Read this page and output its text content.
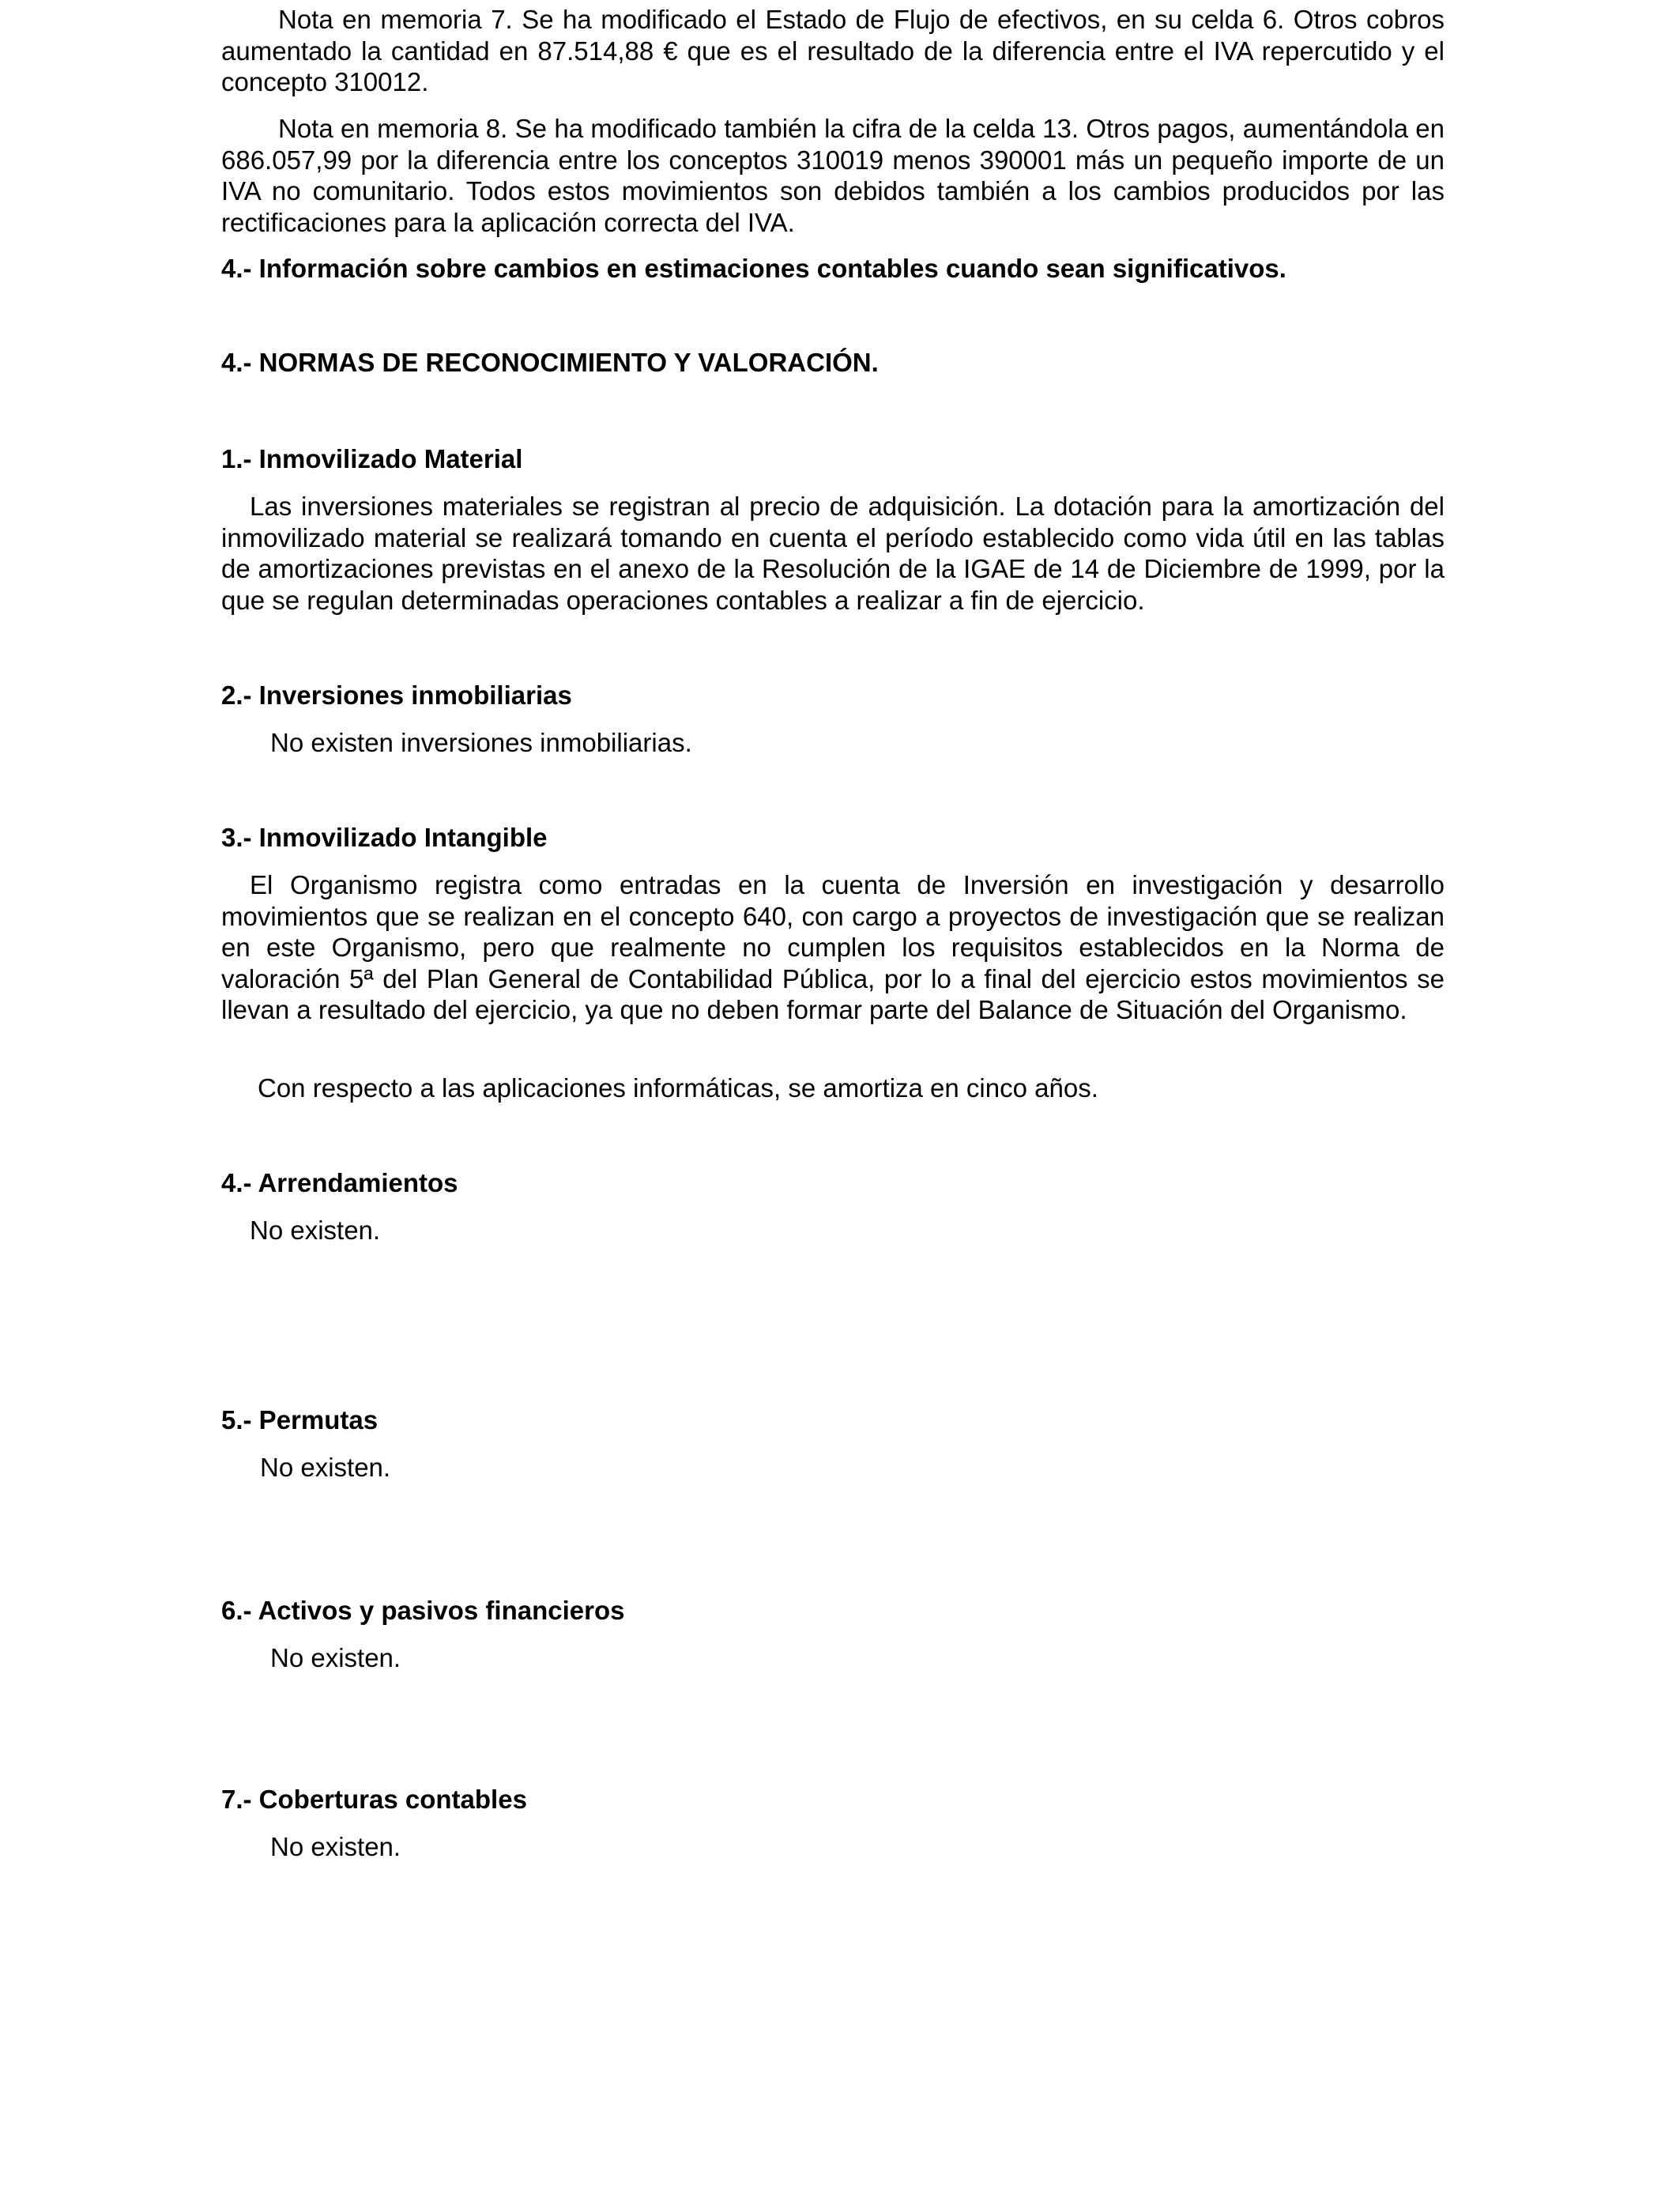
Nota en memoria 7. Se ha modificado el Estado de Flujo de efectivos, en su celda 6. Otros cobros aumentado la cantidad en 87.514,88 € que es el resultado de la diferencia entre el IVA repercutido y el concepto 310012.

Nota en memoria 8. Se ha modificado también la cifra de la celda 13. Otros pagos, aumentándola en 686.057,99 por la diferencia entre los conceptos 310019 menos 390001 más un pequeño importe de un IVA no comunitario. Todos estos movimientos son debidos también a los cambios producidos por las rectificaciones para la aplicación correcta del IVA.

4.- Información sobre cambios en estimaciones contables cuando sean significativos.

4.- NORMAS DE RECONOCIMIENTO Y VALORACIÓN.

1.- Inmovilizado Material

Las inversiones materiales se registran al precio de adquisición. La dotación para la amortización del inmovilizado material se realizará tomando en cuenta el período establecido como vida útil en las tablas de amortizaciones previstas en el anexo de la Resolución de la IGAE de 14 de Diciembre de 1999, por la que se regulan determinadas operaciones contables a realizar a fin de ejercicio.

2.- Inversiones inmobiliarias

No existen inversiones inmobiliarias.

3.- Inmovilizado Intangible

El Organismo registra como entradas en la cuenta de Inversión en investigación y desarrollo movimientos que se realizan en el concepto 640, con cargo a proyectos de investigación que se realizan en este Organismo, pero que realmente no cumplen los requisitos establecidos en la Norma de valoración 5ª del Plan General de Contabilidad Pública, por lo a final del ejercicio estos movimientos se llevan a resultado del ejercicio, ya que no deben formar parte del Balance de Situación del Organismo.

Con respecto a las aplicaciones informáticas, se amortiza en cinco años.

4.- Arrendamientos

No existen.

5.- Permutas

No existen.

6.- Activos y pasivos financieros

No existen.

7.- Coberturas contables

No existen.
